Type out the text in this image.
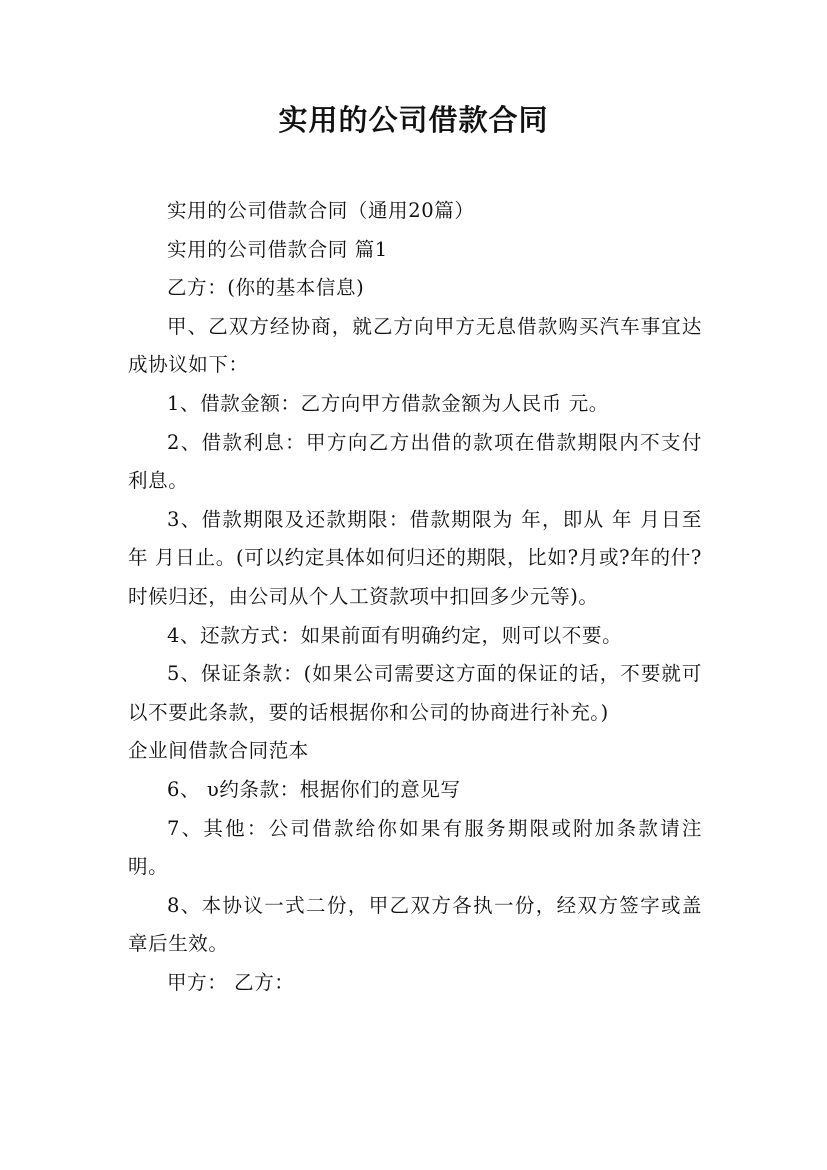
实用的公司借款合同

实用的公司借款合同（通用20篇）

实用的公司借款合同 篇1

乙方：(你的基本信息)

甲、乙双方经协商，就乙方向甲方无息借款购买汽车事宜达成协议如下：

1、借款金额：乙方向甲方借款金额为人民币 元。

2、借款利息：甲方向乙方出借的款项在借款期限内不支付利息。

3、借款期限及还款期限：借款期限为 年，即从 年 月日至 年 月日止。(可以约定具体如何归还的期限，比如?月或?年的什?时候归还，由公司从个人工资款项中扣回多少元等)。

4、还款方式：如果前面有明确约定，则可以不要。

5、保证条款：(如果公司需要这方面的保证的话，不要就可以不要此条款，要的话根据你和公司的协商进行补充。)

企业间借款合同范本

6、 υ约条款：根据你们的意见写

7、其他：公司借款给你如果有服务期限或附加条款请注明。

8、本协议一式二份，甲乙双方各执一份，经双方签字或盖章后生效。

甲方： 乙方：
